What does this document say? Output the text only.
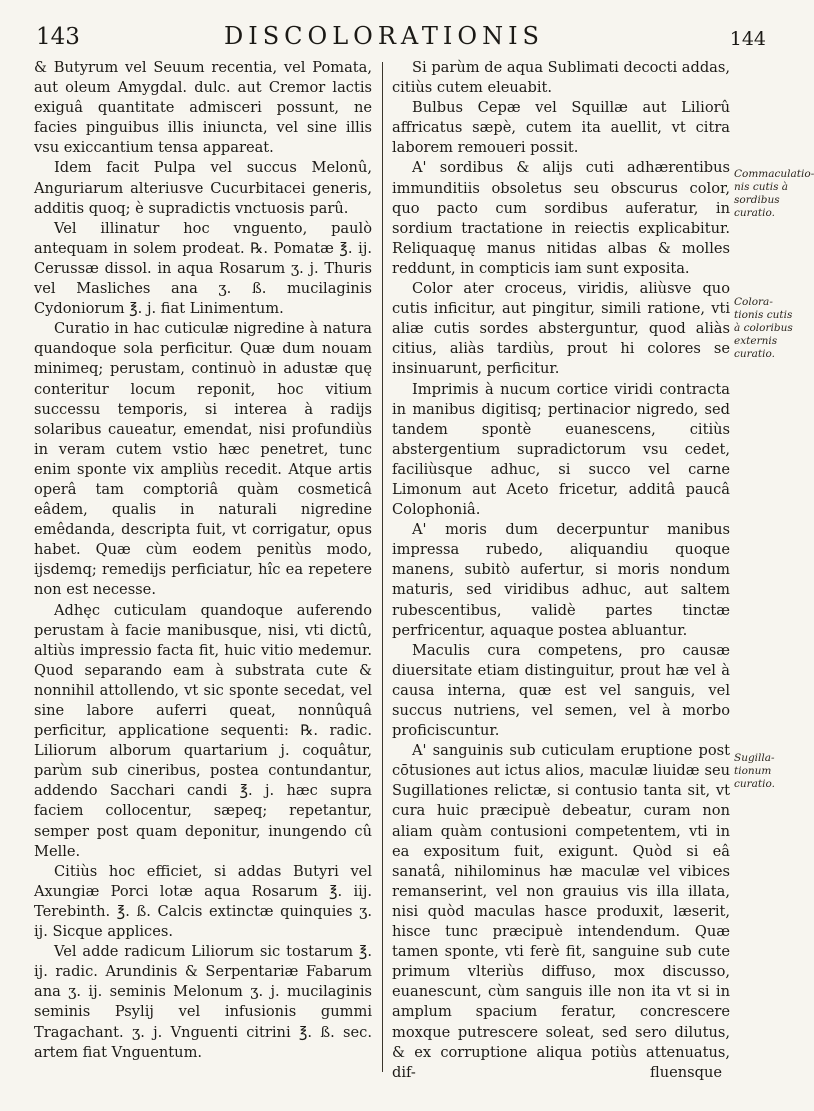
143	DISCOLORATIONIS	144

& Butyrum vel Seuum recentia, vel Pomata, aut oleum Amygdal. dulc. aut Cremor lactis exiguâ quantitate admisceri possunt, ne facies pinguibus illis iniuncta, vel sine illis vsu exiccantium tensa appareat.

Idem facit Pulpa vel succus Melonû, Anguriarum alteriusve Cucurbitacei generis, additis quoq; è supradictis vnctuosis parû.

Vel illinatur hoc vnguento, paulò antequam in solem prodeat. ℞. Pomatæ ℥. ij. Cerussæ dissol. in aqua Rosarum ʒ. j. Thuris vel Masliches ana ʒ. ß. mucilaginis Cydoniorum ℥. j. fiat Linimentum.

Curatio in hac cuticulæ nigredine à natura quandoque sola perficitur. Quæ dum nouam minimeq; perustam, continuò in adustæ quę conteritur locum reponit, hoc vitium successu temporis, si interea à radijs solaribus caueatur, emendat, nisi profundiùs in veram cutem vstio hæc penetret, tunc enim sponte vix ampliùs recedit. Atque artis operâ tam comptoriâ quàm cosmeticâ eâdem, qualis in naturali nigredine emêdanda, descripta fuit, vt corrigatur, opus habet. Quæ cùm eodem penitùs modo, ijsdemq; remedijs perficiatur, hîc ea repetere non est necesse.

Adhęc cuticulam quandoque auferendo perustam à facie manibusque, nisi, vti dictû, altiùs impressio facta fit, huic vitio medemur. Quod separando eam à substrata cute & nonnihil attollendo, vt sic sponte secedat, vel sine labore auferri queat, nonnûquâ perficitur, applicatione sequenti: ℞. radic. Liliorum alborum quartarium j. coquâtur, parùm sub cineribus, postea contundantur, addendo Sacchari candi ℥. j. hæc supra faciem collocentur, sæpeq; repetantur, semper post quam deponitur, inungendo cû Melle.

Citiùs hoc efficiet, si addas Butyri vel Axungiæ Porci lotæ aqua Rosarum ℥. iij. Terebinth. ℥. ß. Calcis extinctæ quinquies ʒ. ij. Sicque applices.

Vel adde radicum Liliorum sic tostarum ℥. ij. radic. Arundinis & Serpentariæ Fabarum ana ʒ. ij. seminis Melonum ʒ. j. mucilaginis seminis Psylij vel infusionis gummi Tragachant. ʒ. j. Vnguenti citrini ℥. ß. sec. artem fiat Vnguentum.

Si parùm de aqua Sublimati decocti addas, citiùs cutem eleuabit.

Bulbus Cepæ vel Squillæ aut Liliorû affricatus sæpè, cutem ita auellit, vt citra laborem remoueri possit.

A' sordibus & alijs cuti adhærentibus immunditiis obsoletus seu obscurus color, quo pacto cum sordibus auferatur, in sordium tractatione in reiectis explicabitur. Reliquaquę manus nitidas albas & molles reddunt, in compticis iam sunt exposita.

Color ater croceus, viridis, aliùsve quo cutis inficitur, aut pingitur, simili ratione, vti aliæ cutis sordes absterguntur, quod aliàs citius, aliàs tardiùs, prout hi colores se insinuarunt, perficitur.

Imprimis à nucum cortice viridi contracta in manibus digitisq; pertinacior nigredo, sed tandem spontè euanescens, citiùs abstergentium supradictorum vsu cedet, faciliùsque adhuc, si succo vel carne Limonum aut Aceto fricetur, additâ paucâ Colophoniâ.

A' moris dum decerpuntur manibus impressa rubedo, aliquandiu quoque manens, subitò aufertur, si moris nondum maturis, sed viridibus adhuc, aut saltem rubescentibus, validè partes tinctæ perfricentur, aquaque postea abluantur.

Maculis cura competens, pro causæ diuersitate etiam distinguitur, prout hæ vel à causa interna, quæ est vel sanguis, vel succus nutriens, vel semen, vel à morbo proficiscuntur.

A' sanguinis sub cuticulam eruptione post cōtusiones aut ictus alios, maculæ liuidæ seu Sugillationes relictæ, si contusio tanta sit, vt cura huic præcipuè debeatur, curam non aliam quàm contusioni competentem, vti in ea expositum fuit, exigunt. Quòd si eâ sanatâ, nihilominus hæ maculæ vel vibices remanserint, vel non grauius vis illa illata, nisi quòd maculas hasce produxit, læserit, hisce tunc præcipuè intendendum. Quæ tamen sponte, vti ferè fit, sanguine sub cute primum vlteriùs diffuso, mox discusso, euanescunt, cùm sanguis ille non ita vt si in amplum spacium feratur, concrescere moxque putrescere soleat, sed sero dilutus, & ex corruptione aliqua potiùs attenuatus, dif-	fluensque
Commaculationis cutis à sordibus curatio.
Colorationis cutis à coloribus externis curatio.
Sugillationum curatio.
